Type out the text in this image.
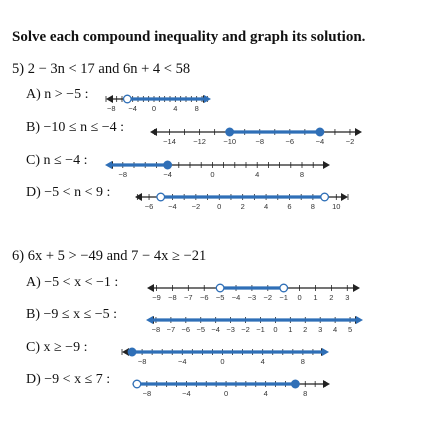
Solve each compound inequality and graph its solution.
5) 2 − 3n < 17 and 6n + 4 < 58
A) n > −5 :
B) −10 ≤ n ≤ −4 :
C) n ≤ −4 :
D) −5 < n < 9 :
6) 6x + 5 > −49 and 7 − 4x ≥ −21
A) −5 < x < −1 :
B) −9 ≤ x ≤ −5 :
C) x ≥ −9 :
D) −9 < x ≤ 7 :
−8 −4 0 4 8
−14 −12 −10	−8	−6	−4	−2
−8	−4	0	4	8
−6 −4 −2 0	2	4	6	8 10
−9 −8 −7 −6 −5 −4 −3 −2 −1 0 1 2 3
−8 −7 −6 −5 −4 −3 −2 −1 0 1 2 3 4 5
−8	−4	0	4	8
−8	−4	0	4	8
